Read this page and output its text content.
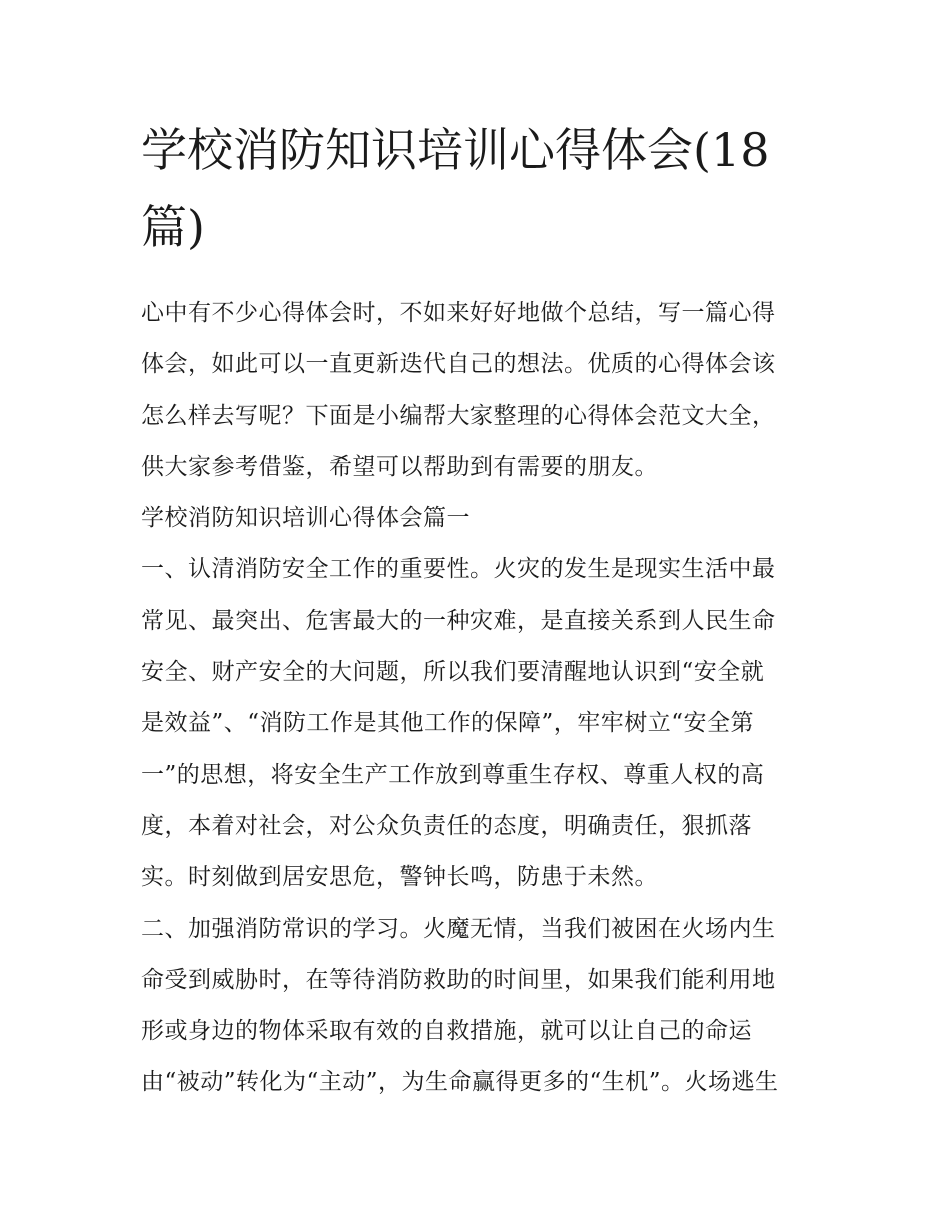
学校消防知识培训心得体会(18
篇)

心中有不少心得体会时，不如来好好地做个总结，写一篇心得
体会，如此可以一直更新迭代自己的想法。优质的心得体会该
怎么样去写呢？下面是小编帮大家整理的心得体会范文大全，
供大家参考借鉴，希望可以帮助到有需要的朋友。

学校消防知识培训心得体会篇一

一、认清消防安全工作的重要性。火灾的发生是现实生活中最
常见、最突出、危害最大的一种灾难，是直接关系到人民生命
安全、财产安全的大问题，所以我们要清醒地认识到“安全就
是效益”、“消防工作是其他工作的保障”，牢牢树立“安全第
一”的思想，将安全生产工作放到尊重生存权、尊重人权的高
度，本着对社会，对公众负责任的态度，明确责任，狠抓落
实。时刻做到居安思危，警钟长鸣，防患于未然。

二、加强消防常识的学习。火魔无情，当我们被困在火场内生
命受到威胁时，在等待消防救助的时间里，如果我们能利用地
形或身边的物体采取有效的自救措施，就可以让自己的命运
由“被动”转化为“主动”，为生命赢得更多的“生机”。火场逃生
